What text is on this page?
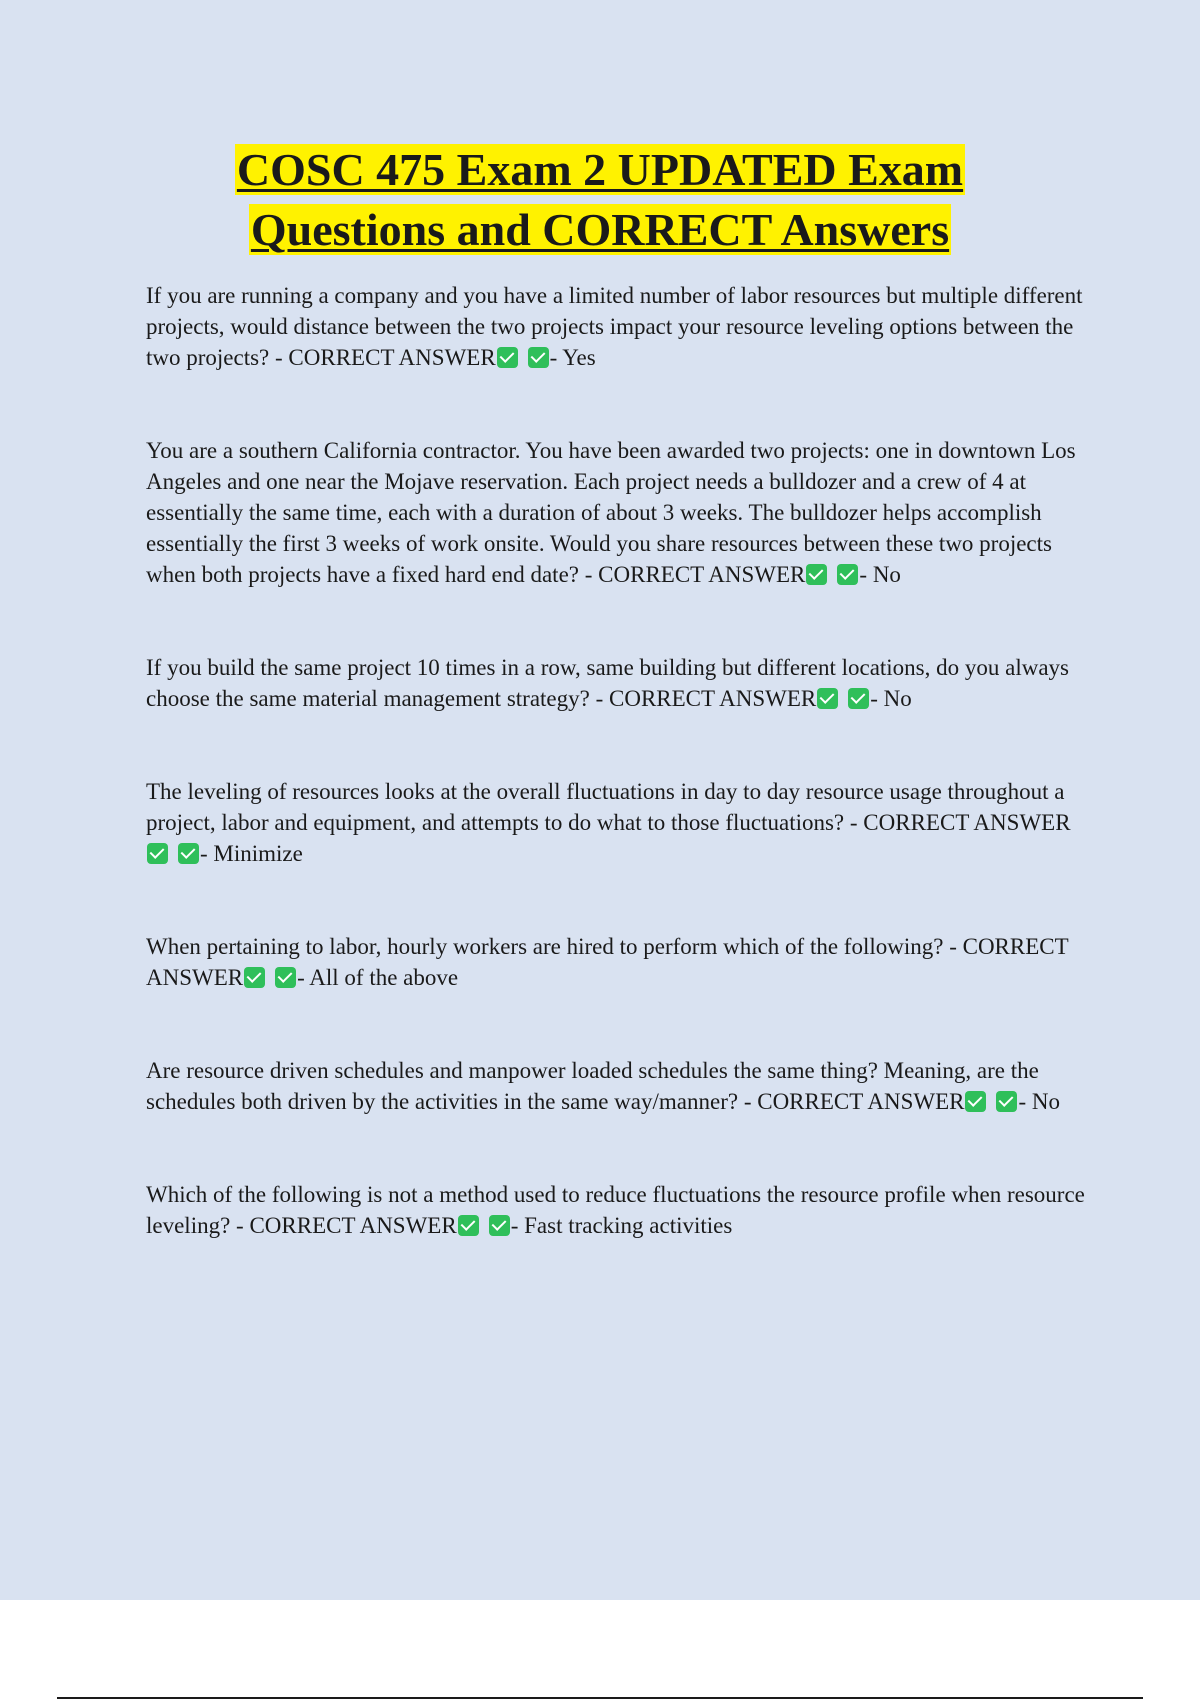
COSC 475 Exam 2 UPDATED Exam
Questions and CORRECT Answers

If you are running a company and you have a limited number of labor resources but multiple different projects, would distance between the two projects impact your resource leveling options between the two projects? - CORRECT ANSWER - Yes

You are a southern California contractor. You have been awarded two projects: one in downtown Los Angeles and one near the Mojave reservation. Each project needs a bulldozer and a crew of 4 at essentially the same time, each with a duration of about 3 weeks. The bulldozer helps accomplish essentially the first 3 weeks of work onsite. Would you share resources between these two projects when both projects have a fixed hard end date? - CORRECT ANSWER - No

If you build the same project 10 times in a row, same building but different locations, do you always choose the same material management strategy? - CORRECT ANSWER - No

The leveling of resources looks at the overall fluctuations in day to day resource usage throughout a project, labor and equipment, and attempts to do what to those fluctuations? - CORRECT ANSWER- Minimize

When pertaining to labor, hourly workers are hired to perform which of the following? - CORRECT ANSWER - All of the above

Are resource driven schedules and manpower loaded schedules the same thing? Meaning, are the schedules both driven by the activities in the same way/manner? - CORRECT ANSWER - No

Which of the following is not a method used to reduce fluctuations the resource profile when resource leveling? - CORRECT ANSWER - Fast tracking activities
